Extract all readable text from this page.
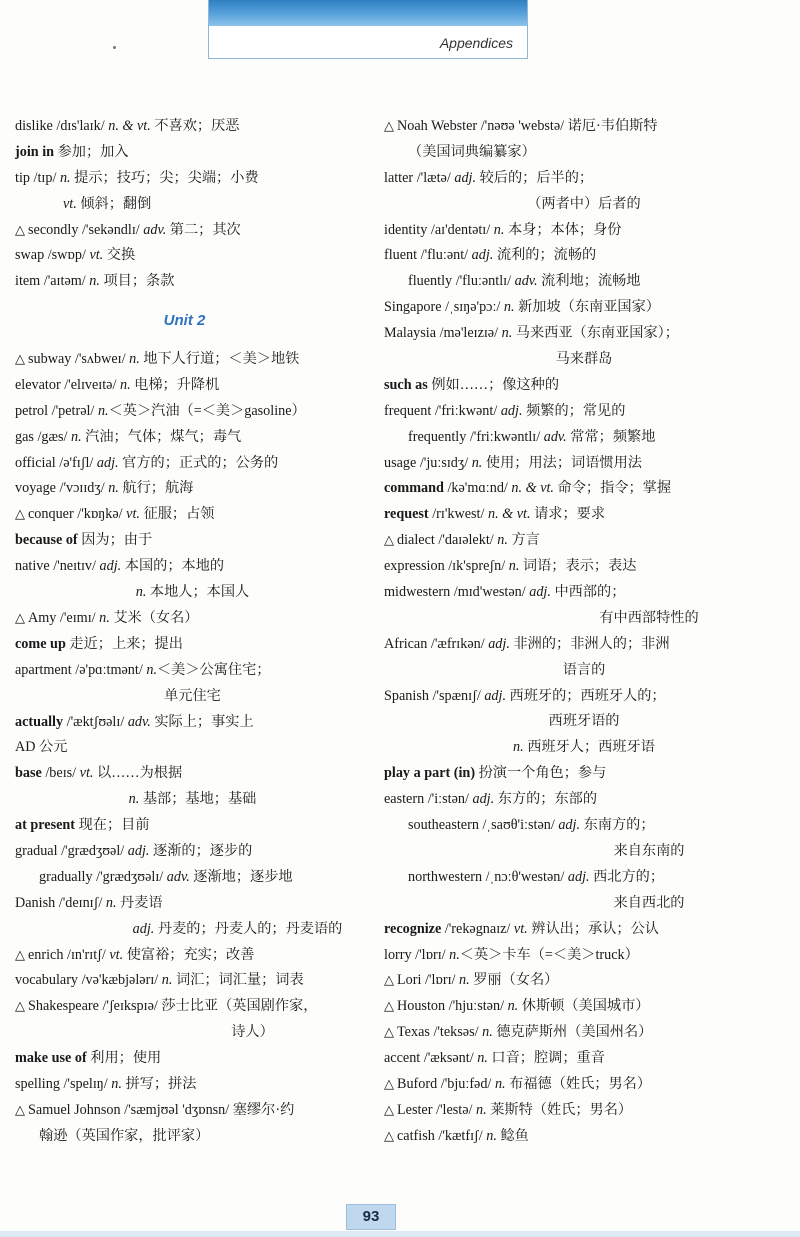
Appendices
dislike /dɪs'laɪk/ n. & vt. 不喜欢；厌恶
join in 参加；加入
tip /tɪp/ n. 提示；技巧；尖；尖端；小费
vt. 倾斜；翻倒
△ secondly /'sekəndlɪ/ adv. 第二；其次
swap /swɒp/ vt. 交换
item /'aɪtəm/ n. 项目；条款
Unit 2
△ subway /'sʌbweɪ/ n. 地下人行道；＜美＞地铁
elevator /'elɪveɪtə/ n. 电梯；升降机
petrol /'petrəl/ n.＜英＞汽油（=＜美＞gasoline）
gas /gæs/ n. 汽油；气体；煤气；毒气
official /ə'fɪʃl/ adj. 官方的；正式的；公务的
voyage /'vɔɪɪdʒ/ n. 航行；航海
△ conquer /'kɒŋkə/ vt. 征服；占领
because of 因为；由于
native /'neɪtɪv/ adj. 本国的；本地的
n. 本地人；本国人
△ Amy /'eɪmɪ/ n. 艾米（女名）
come up 走近；上来；提出
apartment /ə'pɑːtmənt/ n.＜美＞公寓住宅；
单元住宅
actually /'æktʃʊəlɪ/ adv. 实际上；事实上
AD 公元
base /beɪs/ vt. 以……为根据
n. 基部；基地；基础
at present 现在；目前
gradual /'grædʒʊəl/ adj. 逐渐的；逐步的
gradually /'grædʒʊəlɪ/ adv. 逐渐地；逐步地
Danish /'deɪnɪʃ/ n. 丹麦语
adj. 丹麦的；丹麦人的；丹麦语的
△ enrich /ɪn'rɪtʃ/ vt. 使富裕；充实；改善
vocabulary /və'kæbjələrɪ/ n. 词汇；词汇量；词表
△ Shakespeare /'ʃeɪkspɪə/ 莎士比亚（英国剧作家，
诗人）
make use of 利用；使用
spelling /'spelɪŋ/ n. 拼写；拼法
△ Samuel Johnson /'sæmjʊəl 'dʒɒnsn/ 塞缪尔·约
翰逊（英国作家，批评家）
△ Noah Webster /'nəʊə 'webstə/ 诺厄·韦伯斯特
（美国词典编纂家）
latter /'lætə/ adj. 较后的；后半的；
（两者中）后者的
identity /aɪ'dentətɪ/ n. 本身；本体；身份
fluent /'fluːənt/ adj. 流利的；流畅的
fluently /'fluːəntlɪ/ adv. 流利地；流畅地
Singapore /ˌsɪŋə'pɔː/ n. 新加坡（东南亚国家）
Malaysia /mə'leɪzɪə/ n. 马来西亚（东南亚国家）；
马来群岛
such as 例如……；像这种的
frequent /'friːkwənt/ adj. 频繁的；常见的
frequently /'friːkwəntlɪ/ adv. 常常；频繁地
usage /'juːsɪdʒ/ n. 使用；用法；词语惯用法
command /kə'mɑːnd/ n. & vt. 命令；指令；掌握
request /rɪ'kwest/ n. & vt. 请求；要求
△ dialect /'daɪəlekt/ n. 方言
expression /ɪk'spreʃn/ n. 词语；表示；表达
midwestern /mɪd'westən/ adj. 中西部的；
有中西部特性的
African /'æfrɪkən/ adj. 非洲的；非洲人的；非洲
语言的
Spanish /'spænɪʃ/ adj. 西班牙的；西班牙人的；
西班牙语的
n. 西班牙人；西班牙语
play a part (in) 扮演一个角色；参与
eastern /'iːstən/ adj. 东方的；东部的
southeastern /ˌsaʊθ'iːstən/ adj. 东南方的；
来自东南的
northwestern /ˌnɔːθ'westən/ adj. 西北方的；
来自西北的
recognize /'rekəgnaɪz/ vt. 辨认出；承认；公认
lorry /'lɒrɪ/ n.＜英＞卡车（=＜美＞truck）
△ Lori /'lɒrɪ/ n. 罗丽（女名）
△ Houston /'hjuːstən/ n. 休斯顿（美国城市）
△ Texas /'teksəs/ n. 德克萨斯州（美国州名）
accent /'æksənt/ n. 口音；腔调；重音
△ Buford /'bjuːfəd/ n. 布福德（姓氏；男名）
△ Lester /'lestə/ n. 莱斯特（姓氏；男名）
△ catfish /'kætfɪʃ/ n. 鲶鱼
93
